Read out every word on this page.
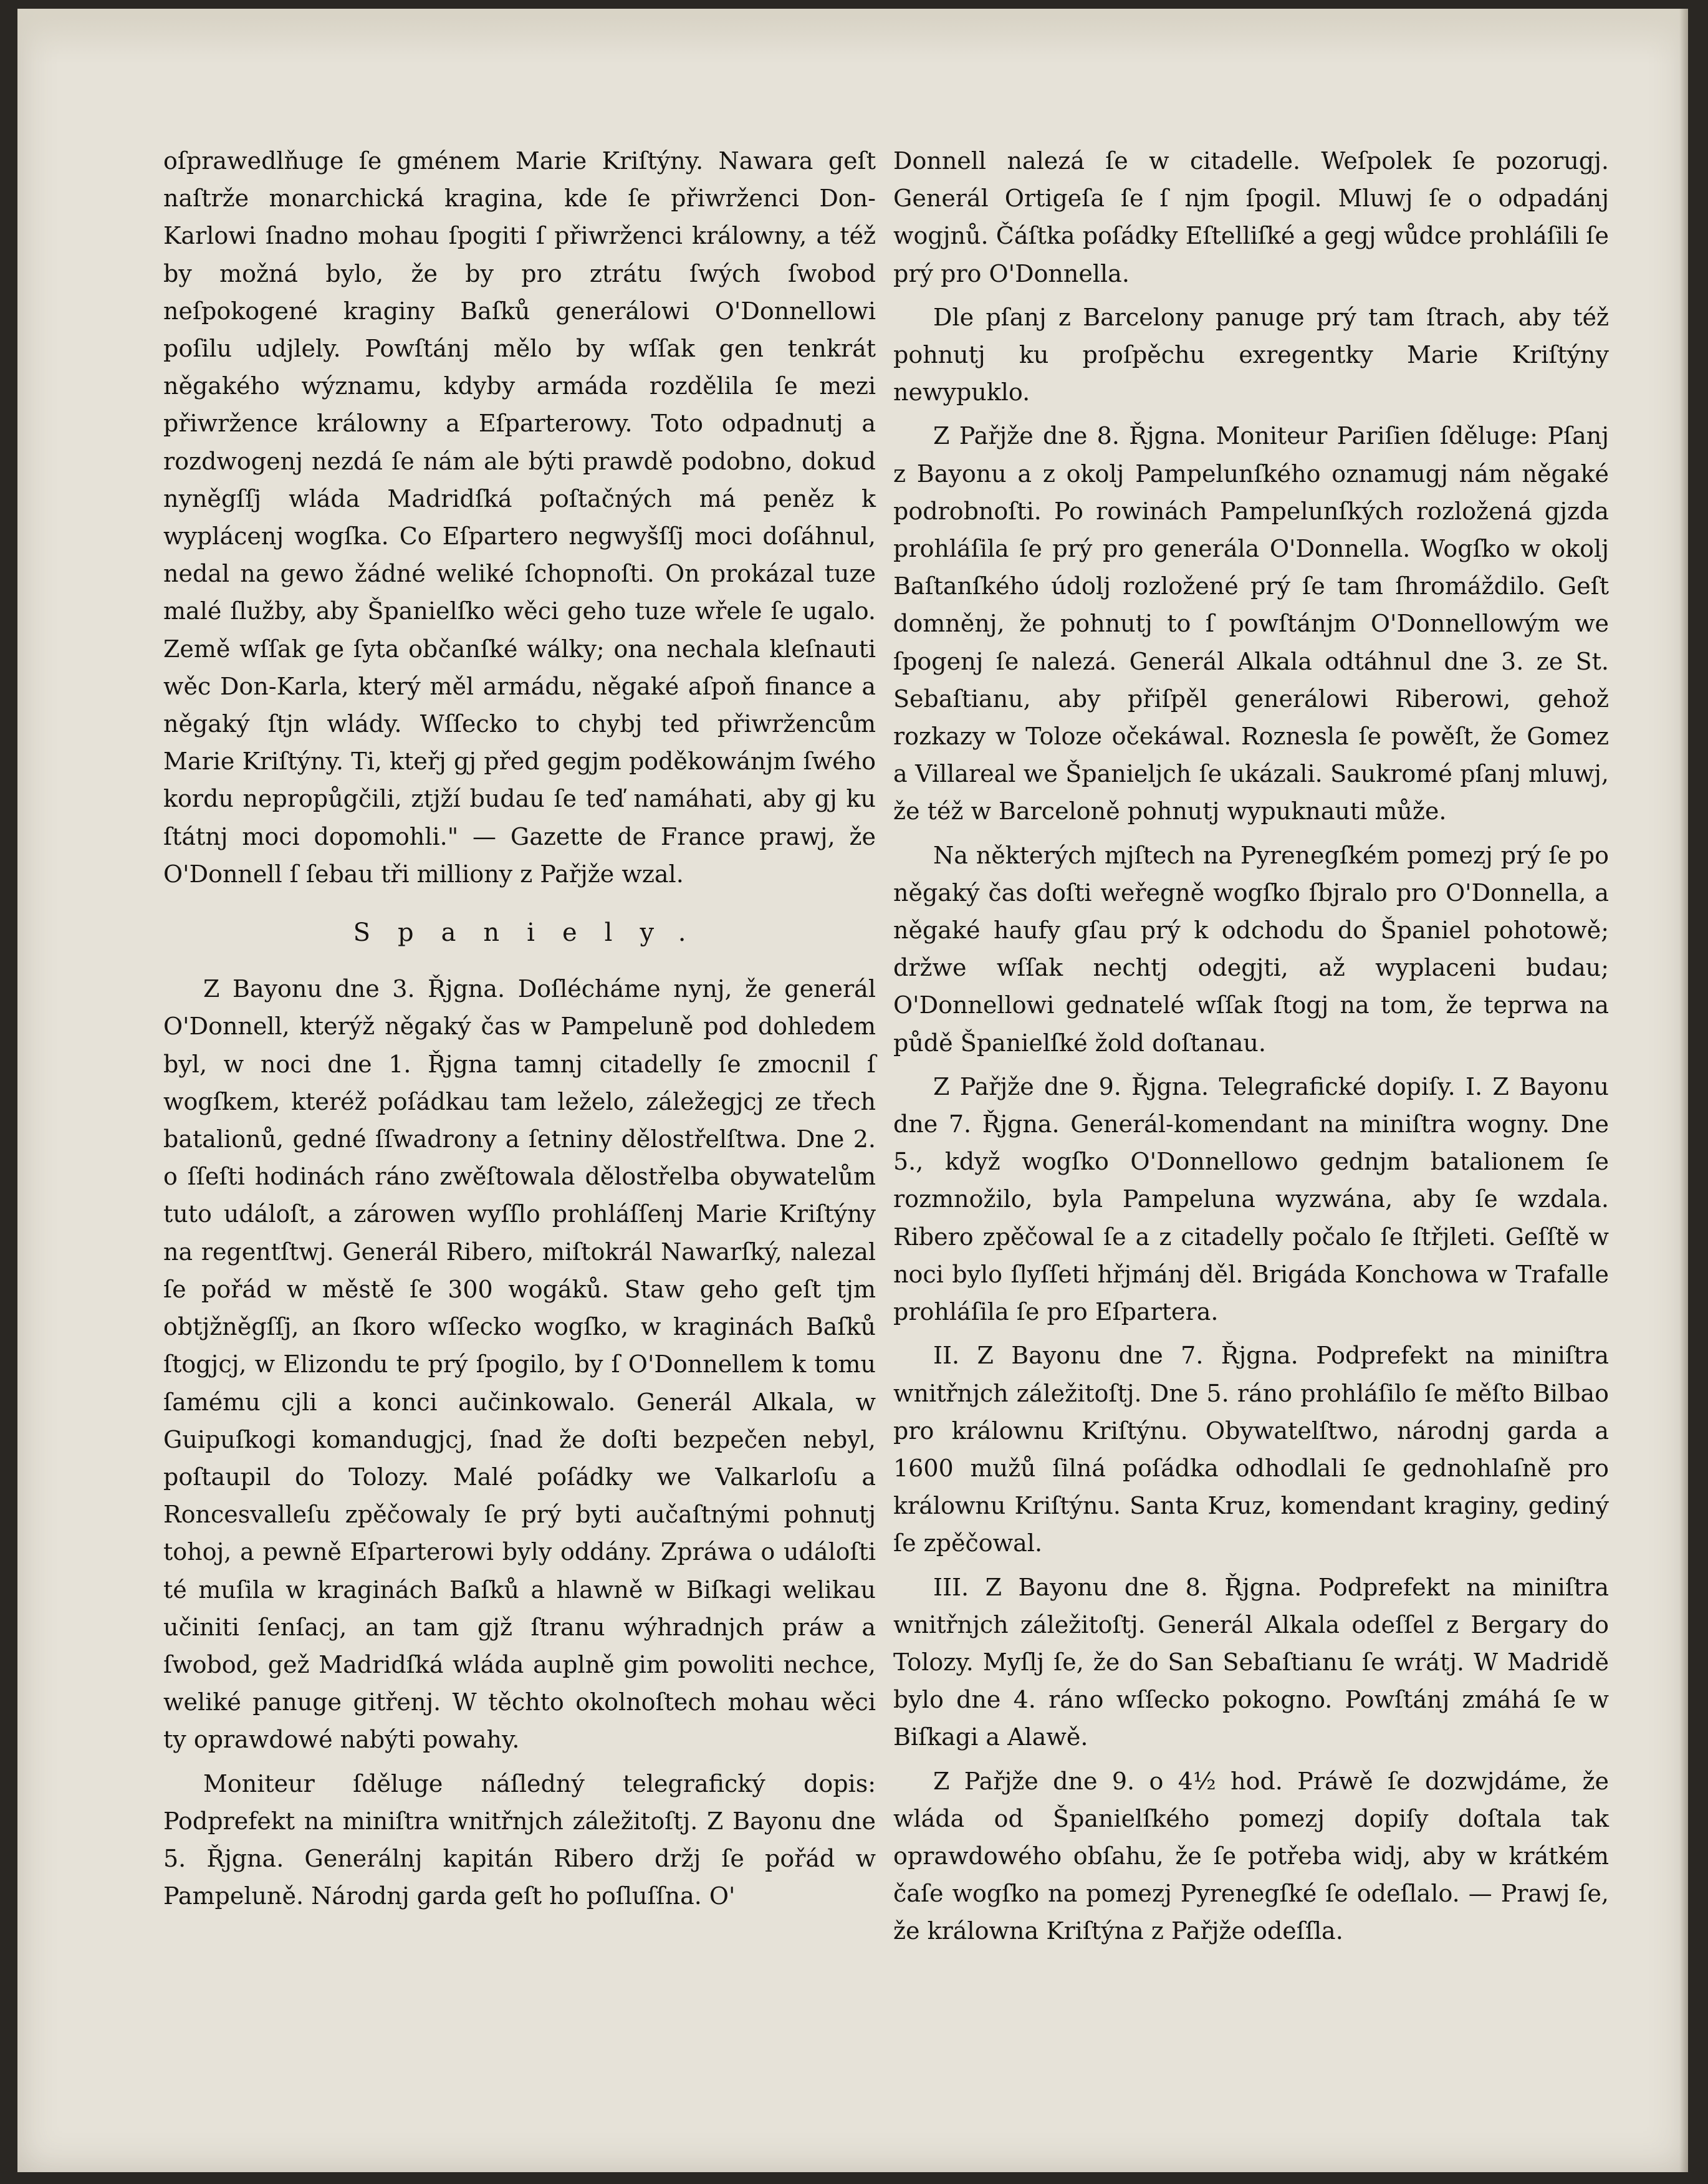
oſprawedlňuge ſe gménem Marie Kriſtýny. Nawara geſt naſtrže monarchická kragina, kde ſe přiwrženci Don-Karlowi ſnadno mohau ſpogiti ſ přiwrženci králowny, a též by možná bylo, že by pro ztrátu ſwých ſwobod neſpokogené kraginy Baſků generálowi O'Donnellowi poſilu udjlely. Powſtánj mělo by wſſak gen tenkrát něgakého wýznamu, kdyby armáda rozdělila ſe mezi přiwržence králowny a Eſparterowy. Toto odpadnutj a rozdwogenj nezdá ſe nám ale býti prawdě podobno, dokud nyněgſſj wláda Madridſká poſtačných má peněz k wyplácenj wogſka. Co Eſpartero negwyšſſj moci doſáhnul, nedal na gewo žádné weliké ſchopnoſti. On prokázal tuze malé ſlužby, aby Španielſko wěci geho tuze wřele ſe ugalo. Země wſſak ge ſyta občanſké wálky; ona nechala kleſnauti wěc Don-Karla, který měl armádu, něgaké aſpoň finance a něgaký ſtjn wlády. Wſſecko to chybj ted přiwržencům Marie Kriſtýny. Ti, kteřj gj před gegjm poděkowánjm ſwého kordu nepropůgčili, ztjží budau ſe teď namáhati, aby gj ku ſtátnj moci dopomohli." — Gazette de France prawj, že O'Donnell ſ ſebau tři milliony z Pařjže wzal.

Spaniely.

Z Bayonu dne 3. Řjgna. Doſlécháme nynj, že generál O'Donnell, kterýž něgaký čas w Pampeluně pod dohledem byl, w noci dne 1. Řjgna tamnj citadelly ſe zmocnil ſ wogſkem, kteréž poſádkau tam leželo, záležegjcj ze třech batalionů, gedné ſſwadrony a ſetniny dělostřelſtwa. Dne 2. o ſſeſti hodinách ráno zwěſtowala dělostřelba obywatelům tuto událoſt, a zárowen wyſſlo prohláſſenj Marie Kriſtýny na regentſtwj. Generál Ribero, miſtokrál Nawarſký, nalezal ſe pořád w městě ſe 300 wogáků. Staw geho geſt tjm obtjžněgſſj, an ſkoro wſſecko wogſko, w kraginách Baſků ſtogjcj, w Elizondu te prý ſpogilo, by ſ O'Donnellem k tomu ſamému cjli a konci aučinkowalo. Generál Alkala, w Guipuſkogi komandugjcj, ſnad že doſti bezpečen nebyl, poſtaupil do Tolozy. Malé poſádky we Valkarloſu a Roncesvalleſu zpěčowaly ſe prý byti aučaſtnými pohnutj tohoj, a pewně Eſparterowi byly oddány. Zpráwa o událoſti té muſila w kraginách Baſků a hlawně w Biſkagi welikau učiniti ſenſacj, an tam gjž ſtranu wýhradnjch práw a ſwobod, gež Madridſká wláda auplně gim powoliti nechce, weliké panuge gitřenj. W těchto okolnoſtech mohau wěci ty oprawdowé nabýti powahy.

Moniteur ſděluge náſledný telegrafický dopis: Podprefekt na miniſtra wnitřnjch záležitoſtj. Z Bayonu dne 5. Řjgna. Generálnj kapitán Ribero držj ſe pořád w Pampeluně. Národnj garda geſt ho poſluſſna. O'

Donnell nalezá ſe w citadelle. Weſpolek ſe pozorugj. Generál Ortigeſa ſe ſ njm ſpogil. Mluwj ſe o odpadánj wogjnů. Čáſtka poſádky Eſtelliſké a gegj wůdce prohláſili ſe prý pro O'Donnella.

Dle pſanj z Barcelony panuge prý tam ſtrach, aby též pohnutj ku proſpěchu exregentky Marie Kriſtýny newypuklo.

Z Pařjže dne 8. Řjgna. Moniteur Pariſien ſděluge: Pſanj z Bayonu a z okolj Pampelunſkého oznamugj nám něgaké podrobnoſti. Po rowinách Pampelunſkých rozložená gjzda prohláſila ſe prý pro generála O'Donnella. Wogſko w okolj Baſtanſkého údolj rozložené prý ſe tam ſhromáždilo. Geſt domněnj, že pohnutj to ſ powſtánjm O'Donnellowým we ſpogenj ſe nalezá. Generál Alkala odtáhnul dne 3. ze St. Sebaſtianu, aby přiſpěl generálowi Riberowi, gehož rozkazy w Toloze očekáwal. Roznesla ſe powěſt, že Gomez a Villareal we Španieljch ſe ukázali. Saukromé pſanj mluwj, že též w Barceloně pohnutj wypuknauti může.

Na některých mjſtech na Pyrenegſkém pomezj prý ſe po něgaký čas doſti weřegně wogſko ſbjralo pro O'Donnella, a něgaké haufy gſau prý k odchodu do Španiel pohotowě; držwe wſſak nechtj odegjti, až wyplaceni budau; O'Donnellowi gednatelé wſſak ſtogj na tom, že teprwa na půdě Španielſké žold doſtanau.

Z Pařjže dne 9. Řjgna. Telegrafické dopiſy. I. Z Bayonu dne 7. Řjgna. Generál-komendant na miniſtra wogny. Dne 5., když wogſko O'Donnellowo gednjm batalionem ſe rozmnožilo, byla Pampeluna wyzwána, aby ſe wzdala. Ribero zpěčowal ſe a z citadelly počalo ſe ſtřjleti. Geſſtě w noci bylo ſlyſſeti hřjmánj děl. Brigáda Konchowa w Trafalle prohláſila ſe pro Eſpartera.

II. Z Bayonu dne 7. Řjgna. Podprefekt na miniſtra wnitřnjch záležitoſtj. Dne 5. ráno prohláſilo ſe měſto Bilbao pro králownu Kriſtýnu. Obywatelſtwo, národnj garda a 1600 mužů ſilná poſádka odhodlali ſe gednohlaſně pro králownu Kriſtýnu. Santa Kruz, komendant kraginy, gediný ſe zpěčowal.

III. Z Bayonu dne 8. Řjgna. Podprefekt na miniſtra wnitřnjch záležitoſtj. Generál Alkala odeſſel z Bergary do Tolozy. Myſlj ſe, že do San Sebaſtianu ſe wrátj. W Madridě bylo dne 4. ráno wſſecko pokogno. Powſtánj zmáhá ſe w Biſkagi a Alawě.

Z Pařjže dne 9. o 4½ hod. Práwě ſe dozwjdáme, že wláda od Španielſkého pomezj dopiſy doſtala tak oprawdowého obſahu, že ſe potřeba widj, aby w krátkém čaſe wogſko na pomezj Pyrenegſké ſe odeſlalo. — Prawj ſe, že králowna Kriſtýna z Pařjže odeſſla.
